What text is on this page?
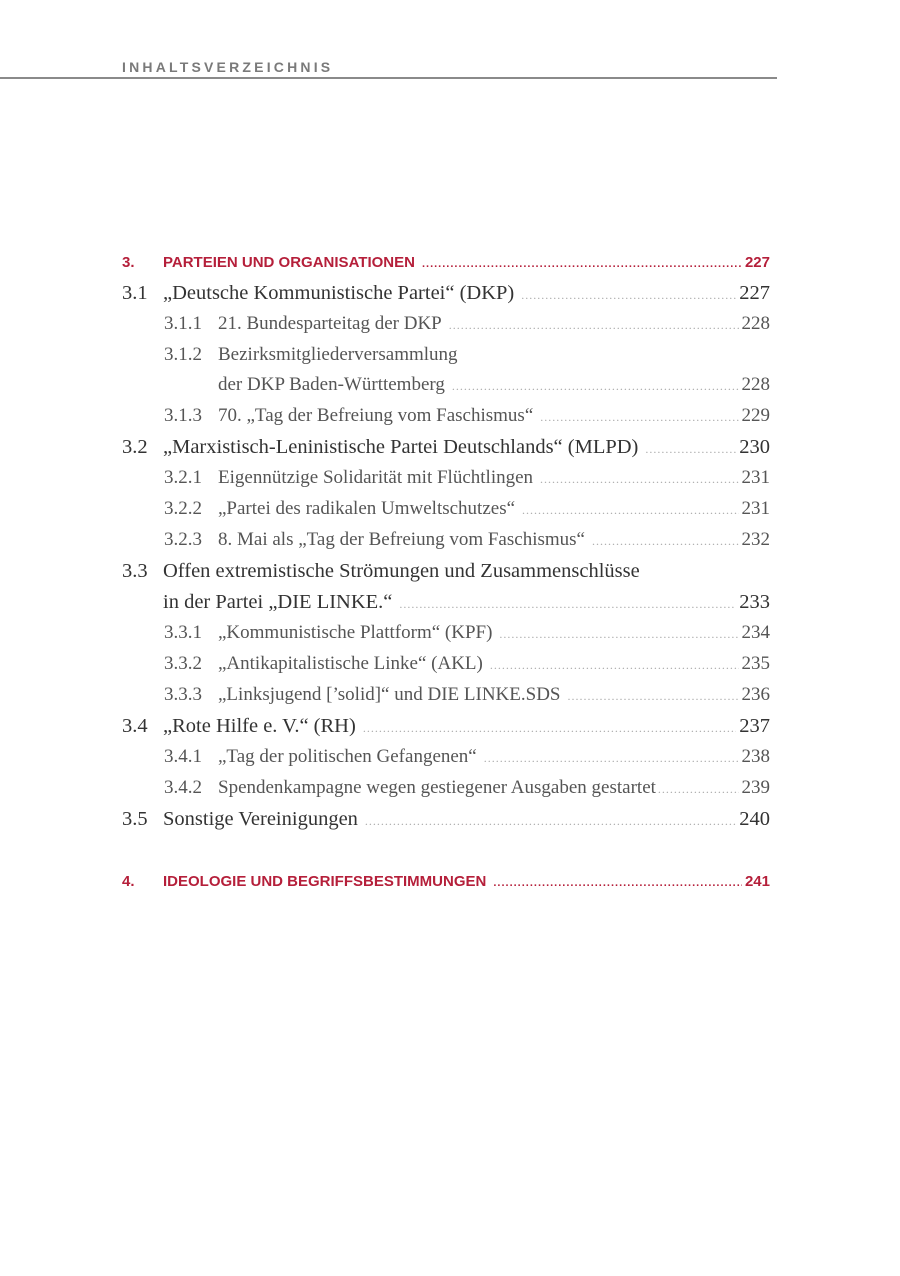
INHALTSVERZEICHNIS
3.	PARTEIEN UND ORGANISATIONEN .....	227
3.1 „Deutsche Kommunistische Partei“ (DKP) .....	227
3.1.1 21. Bundesparteitag der DKP .....	228
3.1.2 Bezirksmitgliederversammlung
der DKP Baden-Württemberg .....	228
3.1.3 70. „Tag der Befreiung vom Faschismus“ .....	229
3.2 „Marxistisch-Leninistische Partei Deutschlands“ (MLPD) .....	230
3.2.1 Eigennützige Solidarität mit Flüchtlingen .....	231
3.2.2 „Partei des radikalen Umweltschutzes“ .....	231
3.2.3 8. Mai als „Tag der Befreiung vom Faschismus“ .....	232
3.3 Offen extremistische Strömungen und Zusammenschlüsse
in der Partei „DIE LINKE.“ .....	233
3.3.1 „Kommunistische Plattform“ (KPF) .....	234
3.3.2 „Antikapitalistische Linke“ (AKL) .....	235
3.3.3 „Linksjugend [’solid]“ und DIE LINKE.SDS .....	236
3.4 „Rote Hilfe e. V.“ (RH) .....	237
3.4.1 „Tag der politischen Gefangenen“ .....	238
3.4.2 Spendenkampagne wegen gestiegener Ausgaben gestartet .....	239
3.5 Sonstige Vereinigungen .....	240
4.	IDEOLOGIE UND BEGRIFFSBESTIMMUNGEN .....	241
